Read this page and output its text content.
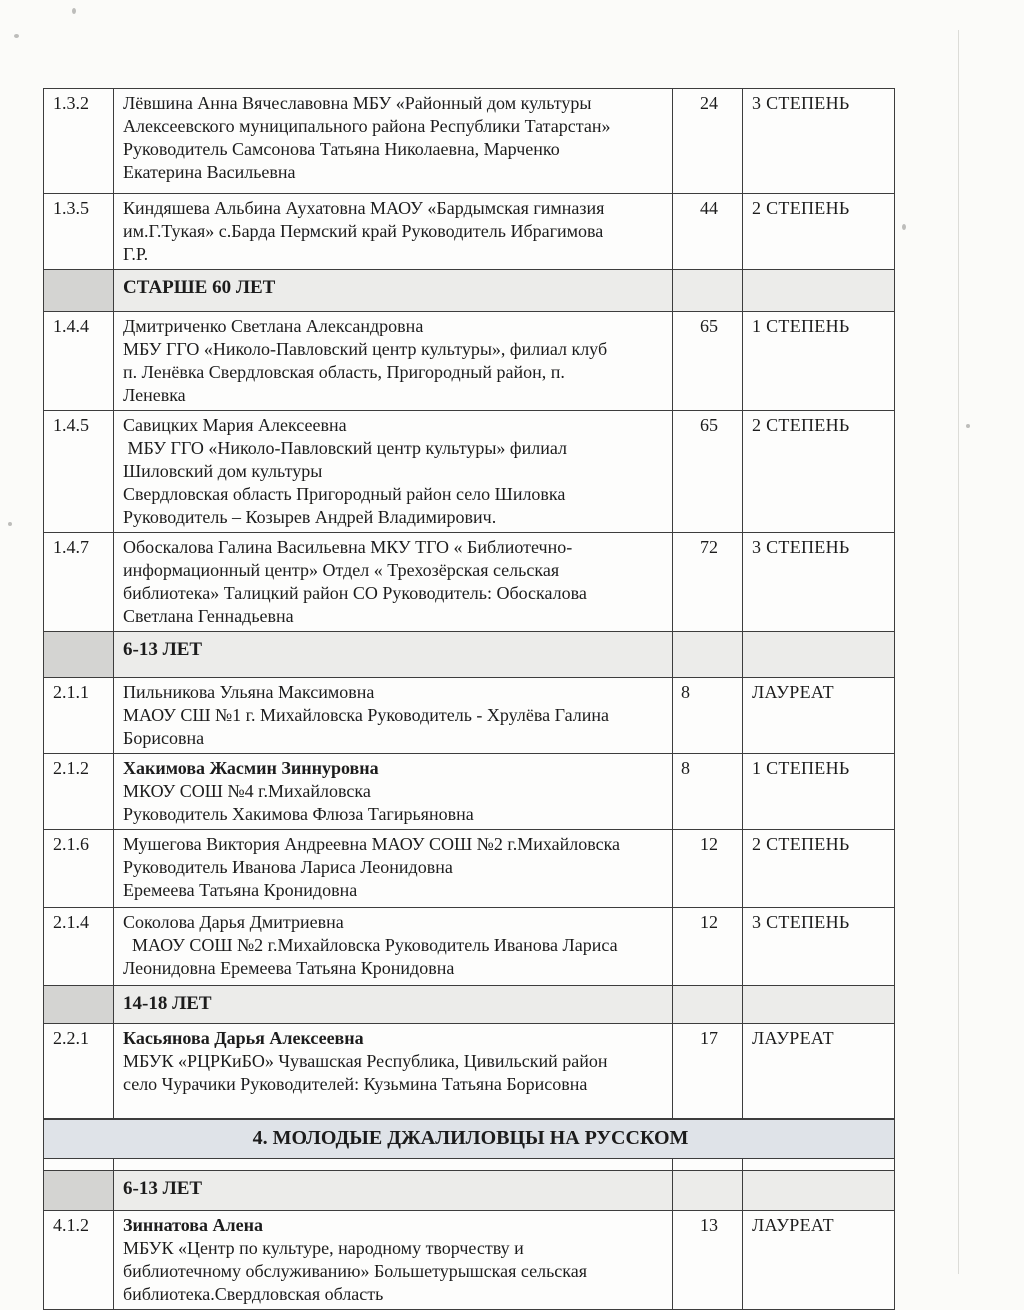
1.3.2	Лёвшина Анна Вячеславовна МБУ «Районный дом культуры
Алексеевского муниципального района Республики Татарстан»
Руководитель Самсонова Татьяна Николаевна, Марченко
Екатерина Васильевна	24	3 СТЕПЕНЬ
1.3.5	Киндяшева Альбина Аухатовна МАОУ «Бардымская гимназия
им.Г.Тукая» с.Барда Пермский край Руководитель Ибрагимова
Г.Р.	44	2 СТЕПЕНЬ
	СТАРШЕ 60 ЛЕТ		
1.4.4	Дмитриченко Светлана Александровна
МБУ ГГО «Николо-Павловский центр культуры», филиал клуб
п. Ленёвка Свердловская область, Пригородный район, п.
Леневка	65	1 СТЕПЕНЬ
1.4.5	Савицких Мария Алексеевна
МБУ ГГО «Николо-Павловский центр культуры» филиал
Шиловский дом культуры
Свердловская область Пригородный район село Шиловка
Руководитель – Козырев Андрей Владимирович.	65	2 СТЕПЕНЬ
1.4.7	Обоскалова Галина Васильевна МКУ ТГО « Библиотечно-
информационный центр» Отдел « Трехозёрская сельская
библиотека» Талицкий район СО Руководитель: Обоскалова
Светлана Геннадьевна	72	3 СТЕПЕНЬ
	6-13 ЛЕТ		
2.1.1	Пильникова Ульяна Максимовна
МАОУ СШ №1 г. Михайловска Руководитель - Хрулёва Галина
Борисовна	8	ЛАУРЕАТ
2.1.2	Хакимова Жасмин Зиннуровна
МКОУ СОШ №4 г.Михайловска
Руководитель Хакимова Флюза Тагирьяновна	8	1 СТЕПЕНЬ
2.1.6	Мушегова Виктория Андреевна МАОУ СОШ №2 г.Михайловска
Руководитель Иванова Лариса Леонидовна
Еремеева Татьяна Кронидовна	12	2 СТЕПЕНЬ
2.1.4	Соколова Дарья Дмитриевна
МАОУ СОШ №2 г.Михайловска Руководитель Иванова Лариса
Леонидовна Еремеева Татьяна Кронидовна	12	3 СТЕПЕНЬ
	14-18 ЛЕТ		
2.2.1	Касьянова Дарья Алексеевна
МБУК «РЦРКиБО» Чувашская Республика, Цивильский район
село Чурачики Руководителей: Кузьмина Татьяна Борисовна	17	ЛАУРЕАТ
4. МОЛОДЫЕ ДЖАЛИЛОВЦЫ НА РУССКОМ			

	6-13 ЛЕТ		
4.1.2	Зиннатова Алена
МБУК «Центр по культуре, народному творчеству и
библиотечному обслуживанию» Большетурышская сельская
библиотека.Свердловская область	13	ЛАУРЕАТ
